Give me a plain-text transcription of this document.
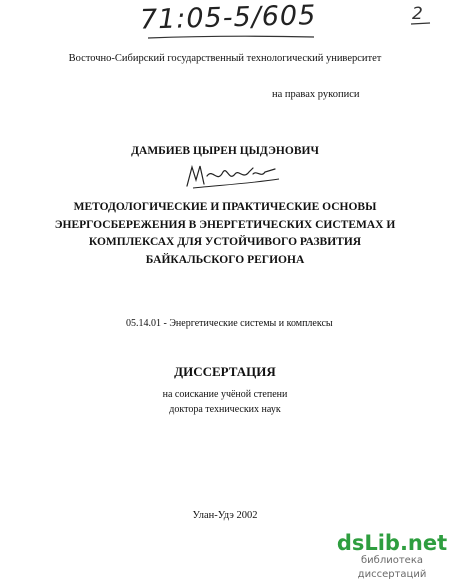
71:05-5/605	2
Восточно-Сибирский государственный технологический университет
на правах рукописи
ДАМБИЕВ ЦЫРЕН ЦЫДЭНОВИЧ
МЕТОДОЛОГИЧЕСКИЕ И ПРАКТИЧЕСКИЕ ОСНОВЫ
ЭНЕРГОСБЕРЕЖЕНИЯ В ЭНЕРГЕТИЧЕСКИХ СИСТЕМАХ И
КОМПЛЕКСАХ ДЛЯ УСТОЙЧИВОГО РАЗВИТИЯ
БАЙКАЛЬСКОГО РЕГИОНА
05.14.01 - Энергетические системы и комплексы
ДИССЕРТАЦИЯ
на соискание учёной степени
доктора технических наук
Улан-Удэ 2002
dsLib.net
библиотека диссертаций
